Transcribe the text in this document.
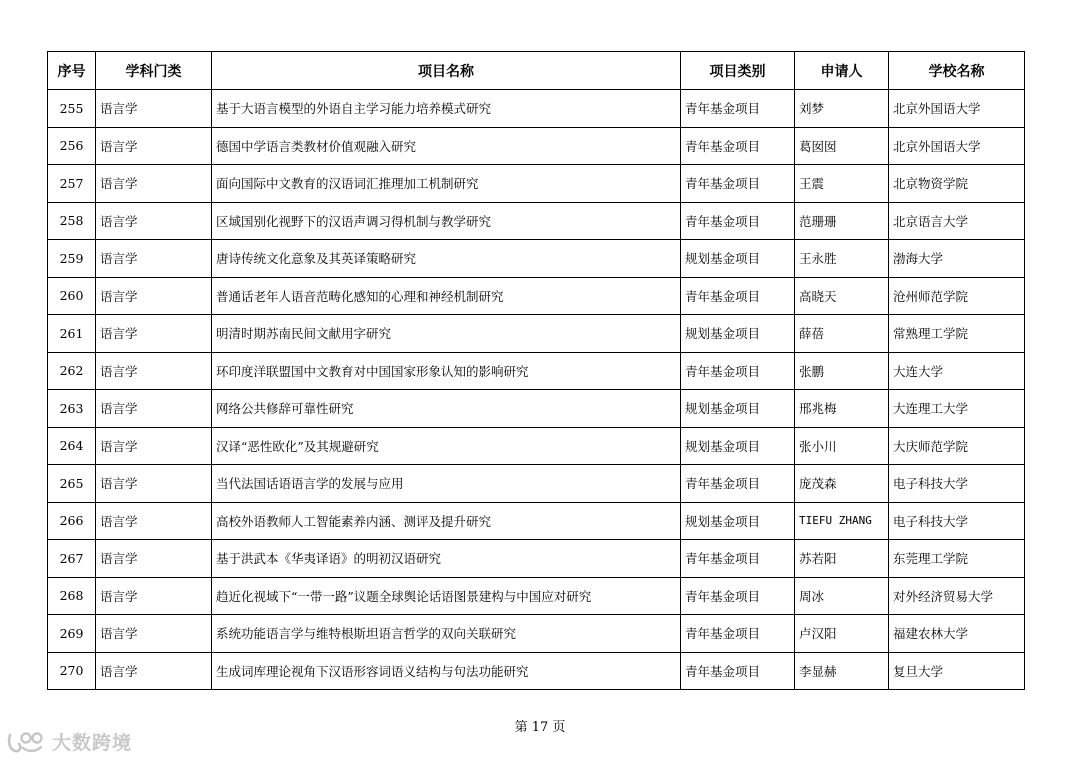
序号	学科门类	项目名称	项目类别	申请人	学校名称
255	语言学	基于大语言模型的外语自主学习能力培养模式研究	青年基金项目	刘梦	北京外国语大学
256	语言学	德国中学语言类教材价值观融入研究	青年基金项目	葛囡囡	北京外国语大学
257	语言学	面向国际中文教育的汉语词汇推理加工机制研究	青年基金项目	王震	北京物资学院
258	语言学	区域国别化视野下的汉语声调习得机制与教学研究	青年基金项目	范珊珊	北京语言大学
259	语言学	唐诗传统文化意象及其英译策略研究	规划基金项目	王永胜	渤海大学
260	语言学	普通话老年人语音范畴化感知的心理和神经机制研究	青年基金项目	高晓天	沧州师范学院
261	语言学	明清时期苏南民间文献用字研究	规划基金项目	薛蓓	常熟理工学院
262	语言学	环印度洋联盟国中文教育对中国国家形象认知的影响研究	青年基金项目	张鹏	大连大学
263	语言学	网络公共修辞可靠性研究	规划基金项目	邢兆梅	大连理工大学
264	语言学	汉译“恶性欧化”及其规避研究	规划基金项目	张小川	大庆师范学院
265	语言学	当代法国话语语言学的发展与应用	青年基金项目	庞茂森	电子科技大学
266	语言学	高校外语教师人工智能素养内涵、测评及提升研究	规划基金项目	TIEFU ZHANG	电子科技大学
267	语言学	基于洪武本《华夷译语》的明初汉语研究	青年基金项目	苏若阳	东莞理工学院
268	语言学	趋近化视域下“一带一路”议题全球舆论话语图景建构与中国应对研究	青年基金项目	周冰	对外经济贸易大学
269	语言学	系统功能语言学与维特根斯坦语言哲学的双向关联研究	青年基金项目	卢汉阳	福建农林大学
270	语言学	生成词库理论视角下汉语形容词语义结构与句法功能研究	青年基金项目	李显赫	复旦大学
第 17 页
大数跨境
